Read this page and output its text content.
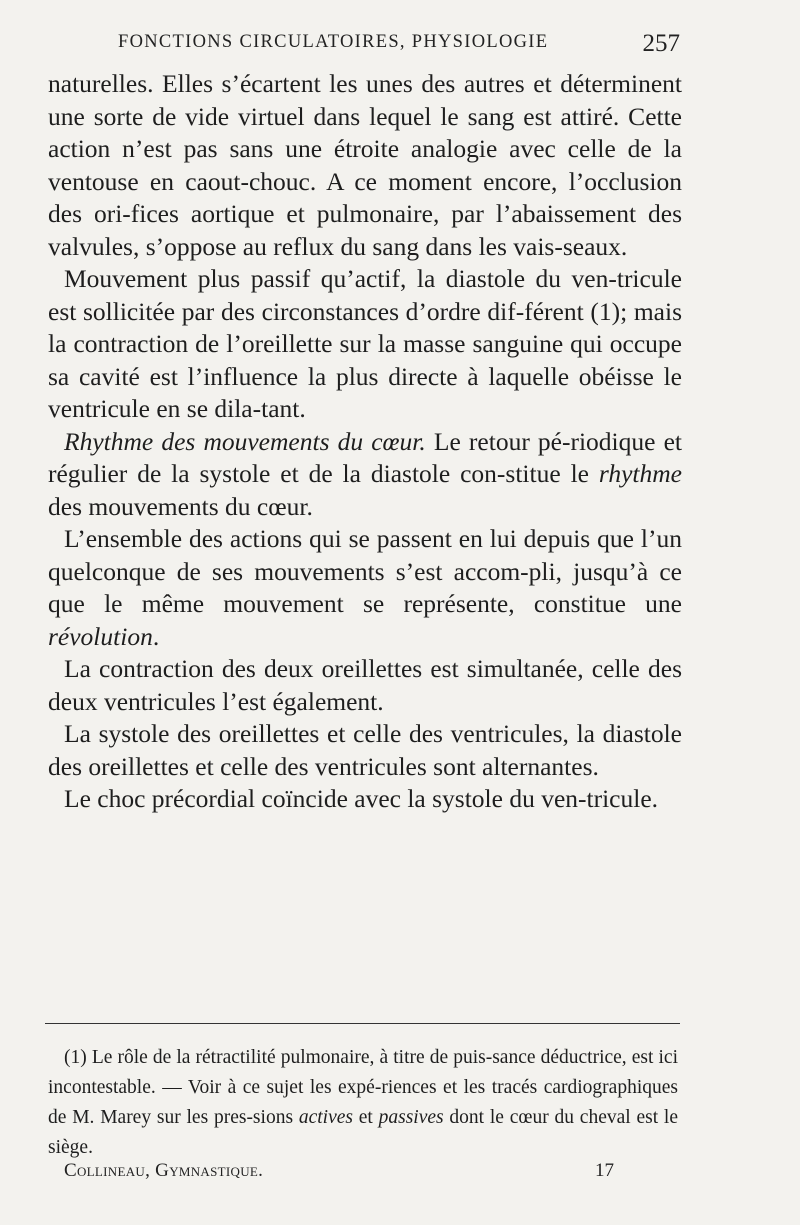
FONCTIONS CIRCULATOIRES, PHYSIOLOGIE	257

naturelles. Elles s’écartent les unes des autres et déterminent une sorte de vide virtuel dans lequel le sang est attiré. Cette action n’est pas sans une étroite analogie avec celle de la ventouse en caout-chouc. A ce moment encore, l’occlusion des ori-fices aortique et pulmonaire, par l’abaissement des valvules, s’oppose au reflux du sang dans les vais-seaux.

Mouvement plus passif qu’actif, la diastole du ven-tricule est sollicitée par des circonstances d’ordre dif-férent (1); mais la contraction de l’oreillette sur la masse sanguine qui occupe sa cavité est l’influence la plus directe à laquelle obéisse le ventricule en se dila-tant.

Rhythme des mouvements du cœur. Le retour pé-riodique et régulier de la systole et de la diastole con-stitue le rhythme des mouvements du cœur.

L’ensemble des actions qui se passent en lui depuis que l’un quelconque de ses mouvements s’est accom-pli, jusqu’à ce que le même mouvement se représente, constitue une révolution.

La contraction des deux oreillettes est simultanée, celle des deux ventricules l’est également.

La systole des oreillettes et celle des ventricules, la diastole des oreillettes et celle des ventricules sont alternantes.

Le choc précordial coïncide avec la systole du ven-tricule.

(1) Le rôle de la rétractilité pulmonaire, à titre de puis-sance déductrice, est ici incontestable. — Voir à ce sujet les expé-riences et les tracés cardiographiques de M. Marey sur les pres-sions actives et passives dont le cœur du cheval est le siège.

Collineau, Gymnastique.	17
